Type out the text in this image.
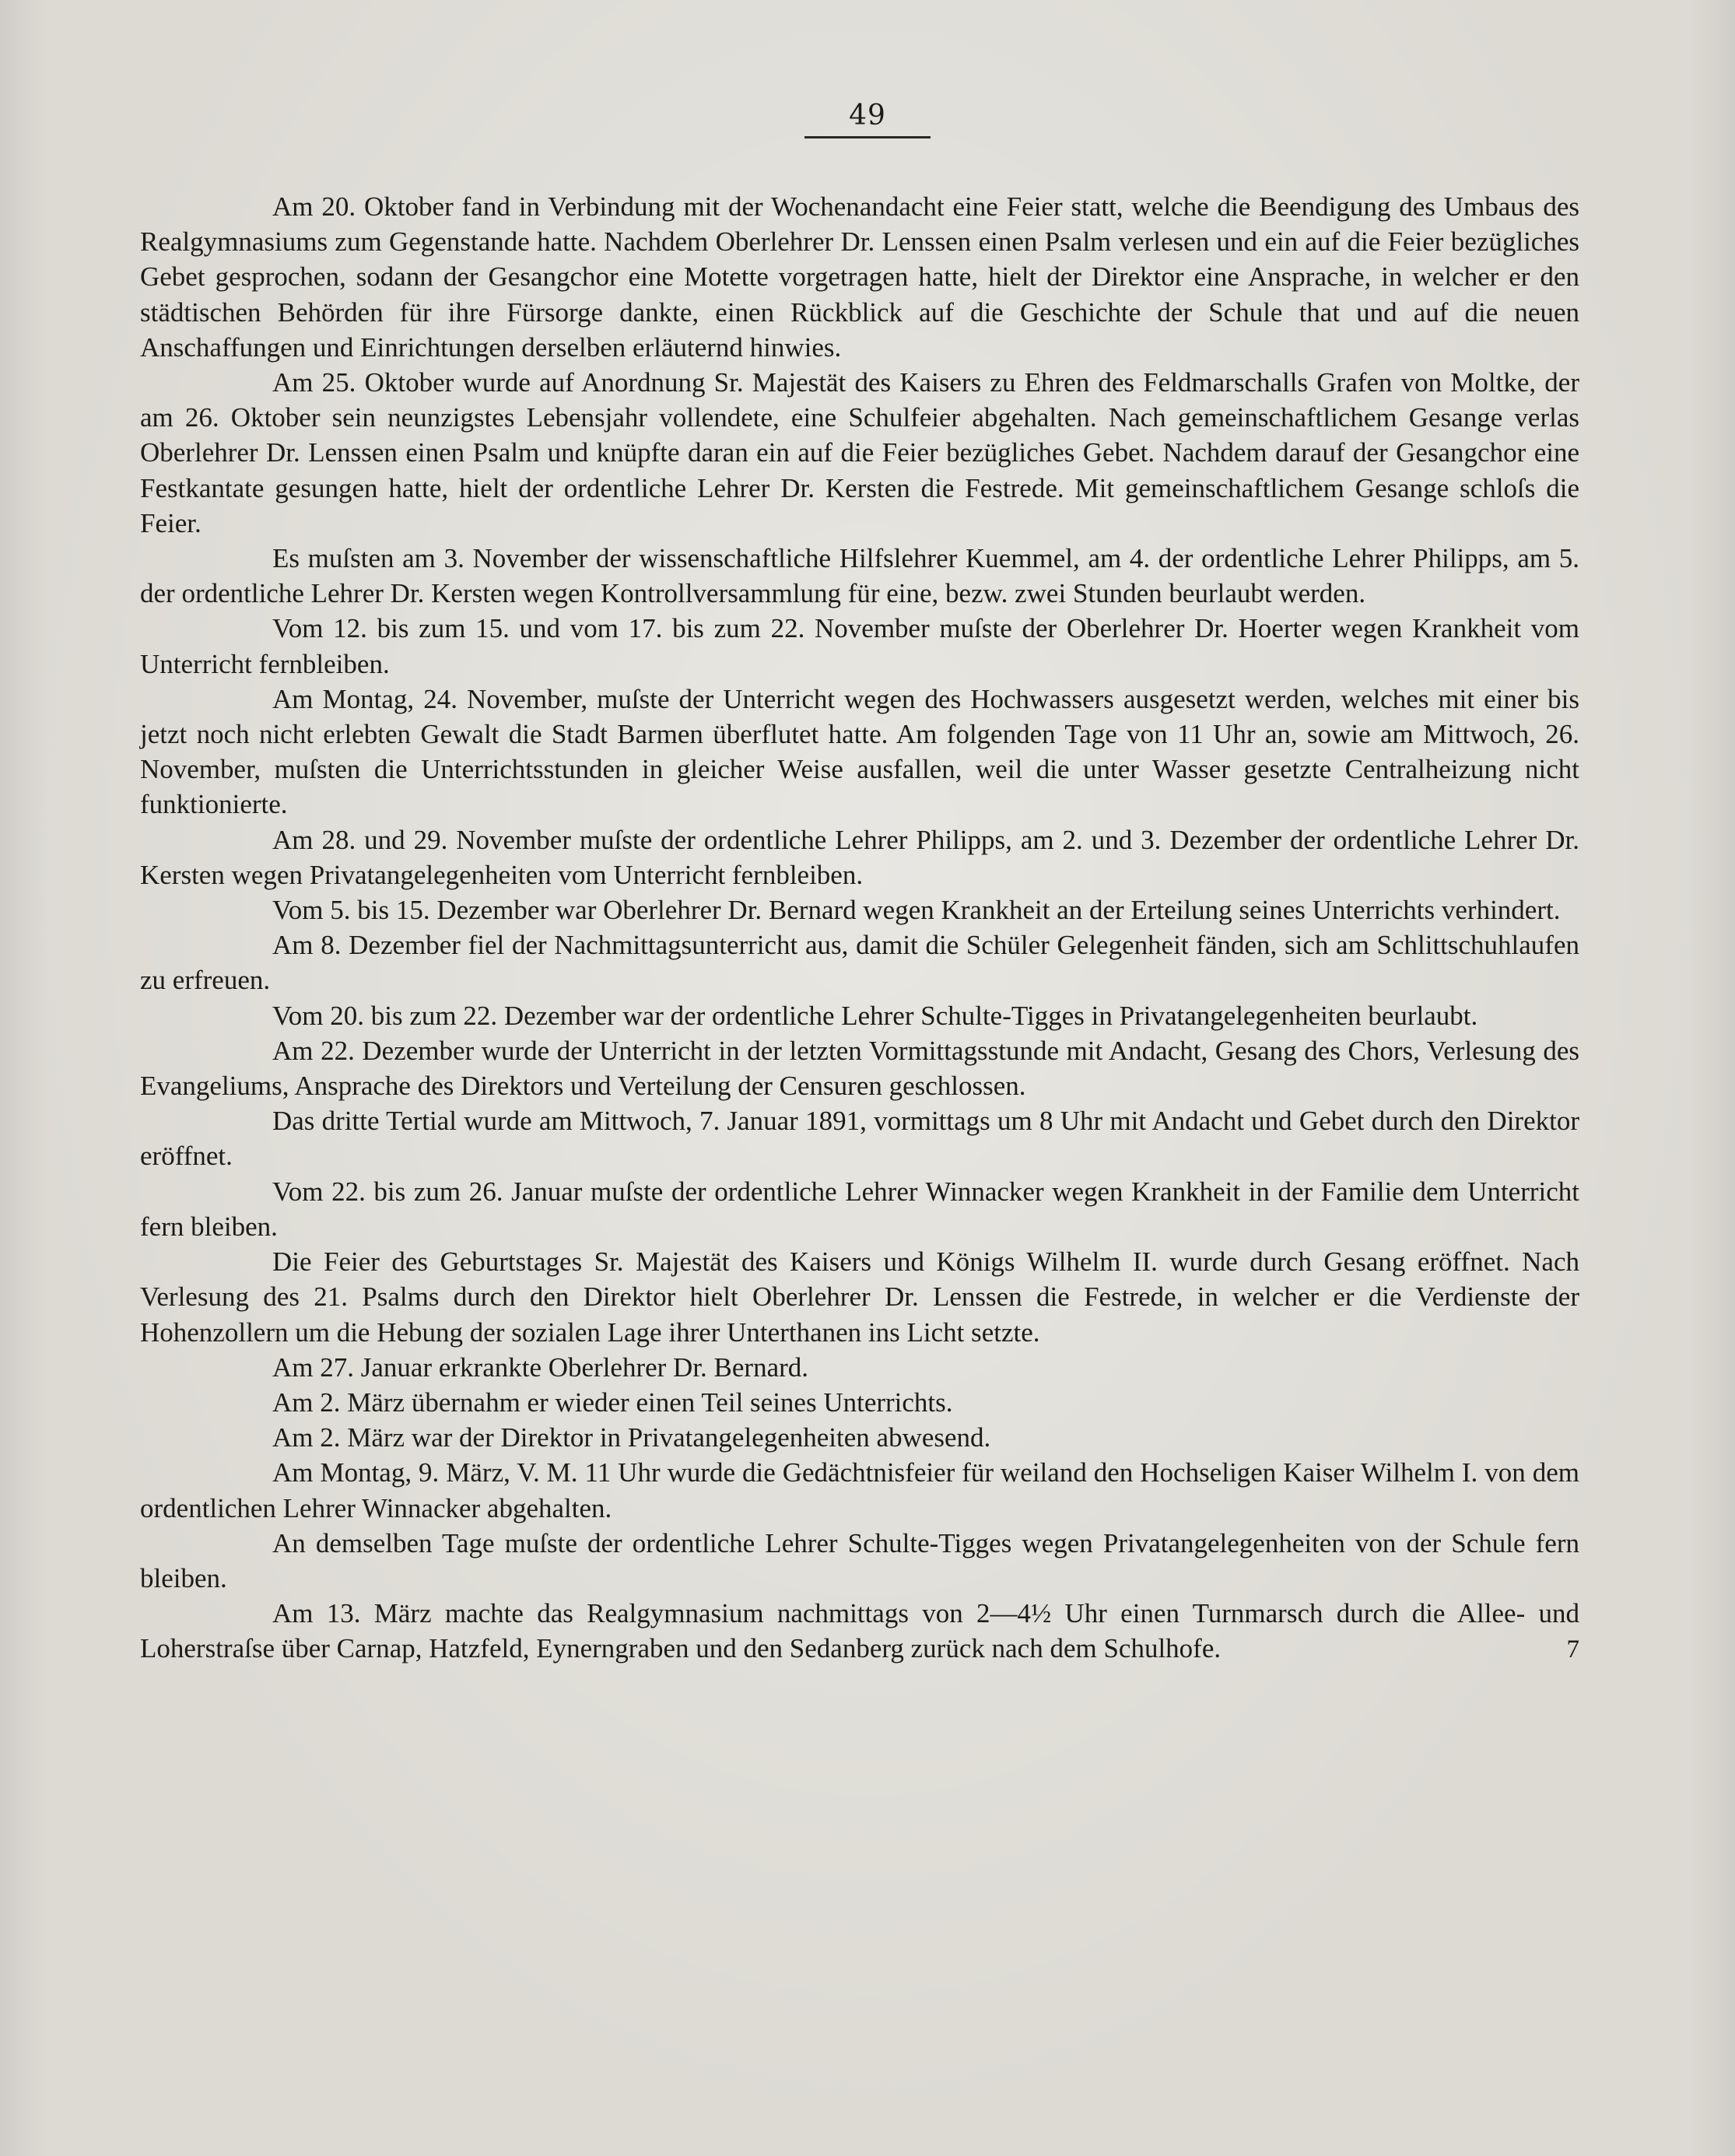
49

Am 20. Oktober fand in Verbindung mit der Wochenandacht eine Feier statt, welche die Beendigung des Umbaus des Realgymnasiums zum Gegenstande hatte. Nachdem Oberlehrer Dr. Lenssen einen Psalm verlesen und ein auf die Feier bezügliches Gebet gesprochen, sodann der Gesangchor eine Motette vorgetragen hatte, hielt der Direktor eine Ansprache, in welcher er den städtischen Behörden für ihre Fürsorge dankte, einen Rückblick auf die Geschichte der Schule that und auf die neuen Anschaffungen und Einrichtungen derselben erläuternd hinwies.

Am 25. Oktober wurde auf Anordnung Sr. Majestät des Kaisers zu Ehren des Feldmarschalls Grafen von Moltke, der am 26. Oktober sein neunzigstes Lebensjahr vollendete, eine Schulfeier abgehalten. Nach gemeinschaftlichem Gesange verlas Oberlehrer Dr. Lenssen einen Psalm und knüpfte daran ein auf die Feier bezügliches Gebet. Nachdem darauf der Gesangchor eine Festkantate gesungen hatte, hielt der ordentliche Lehrer Dr. Kersten die Festrede. Mit gemeinschaftlichem Gesange schloſs die Feier.

Es muſsten am 3. November der wissenschaftliche Hilfslehrer Kuemmel, am 4. der ordentliche Lehrer Philipps, am 5. der ordentliche Lehrer Dr. Kersten wegen Kontrollversammlung für eine, bezw. zwei Stunden beurlaubt werden.

Vom 12. bis zum 15. und vom 17. bis zum 22. November muſste der Oberlehrer Dr. Hoerter wegen Krankheit vom Unterricht fernbleiben.

Am Montag, 24. November, muſste der Unterricht wegen des Hochwassers ausgesetzt werden, welches mit einer bis jetzt noch nicht erlebten Gewalt die Stadt Barmen überflutet hatte. Am folgenden Tage von 11 Uhr an, sowie am Mittwoch, 26. November, muſsten die Unterrichtsstunden in gleicher Weise ausfallen, weil die unter Wasser gesetzte Centralheizung nicht funktionierte.

Am 28. und 29. November muſste der ordentliche Lehrer Philipps, am 2. und 3. Dezember der ordentliche Lehrer Dr. Kersten wegen Privatangelegenheiten vom Unterricht fernbleiben.

Vom 5. bis 15. Dezember war Oberlehrer Dr. Bernard wegen Krankheit an der Erteilung seines Unterrichts verhindert.

Am 8. Dezember fiel der Nachmittagsunterricht aus, damit die Schüler Gelegenheit fänden, sich am Schlittschuhlaufen zu erfreuen.

Vom 20. bis zum 22. Dezember war der ordentliche Lehrer Schulte-Tigges in Privatangelegenheiten beurlaubt.

Am 22. Dezember wurde der Unterricht in der letzten Vormittagsstunde mit Andacht, Gesang des Chors, Verlesung des Evangeliums, Ansprache des Direktors und Verteilung der Censuren geschlossen.

Das dritte Tertial wurde am Mittwoch, 7. Januar 1891, vormittags um 8 Uhr mit Andacht und Gebet durch den Direktor eröffnet.

Vom 22. bis zum 26. Januar muſste der ordentliche Lehrer Winnacker wegen Krankheit in der Familie dem Unterricht fern bleiben.

Die Feier des Geburtstages Sr. Majestät des Kaisers und Königs Wilhelm II. wurde durch Gesang eröffnet. Nach Verlesung des 21. Psalms durch den Direktor hielt Oberlehrer Dr. Lenssen die Festrede, in welcher er die Verdienste der Hohenzollern um die Hebung der sozialen Lage ihrer Unterthanen ins Licht setzte.

Am 27. Januar erkrankte Oberlehrer Dr. Bernard.

Am 2. März übernahm er wieder einen Teil seines Unterrichts.

Am 2. März war der Direktor in Privatangelegenheiten abwesend.

Am Montag, 9. März, V. M. 11 Uhr wurde die Gedächtnisfeier für weiland den Hochseligen Kaiser Wilhelm I. von dem ordentlichen Lehrer Winnacker abgehalten.

An demselben Tage muſste der ordentliche Lehrer Schulte-Tigges wegen Privatangelegenheiten von der Schule fern bleiben.

Am 13. März machte das Realgymnasium nachmittags von 2—4½ Uhr einen Turnmarsch durch die Allee- und Loherstraſse über Carnap, Hatzfeld, Eynerngraben und den Sedanberg zurück nach dem Schulhofe.	7
